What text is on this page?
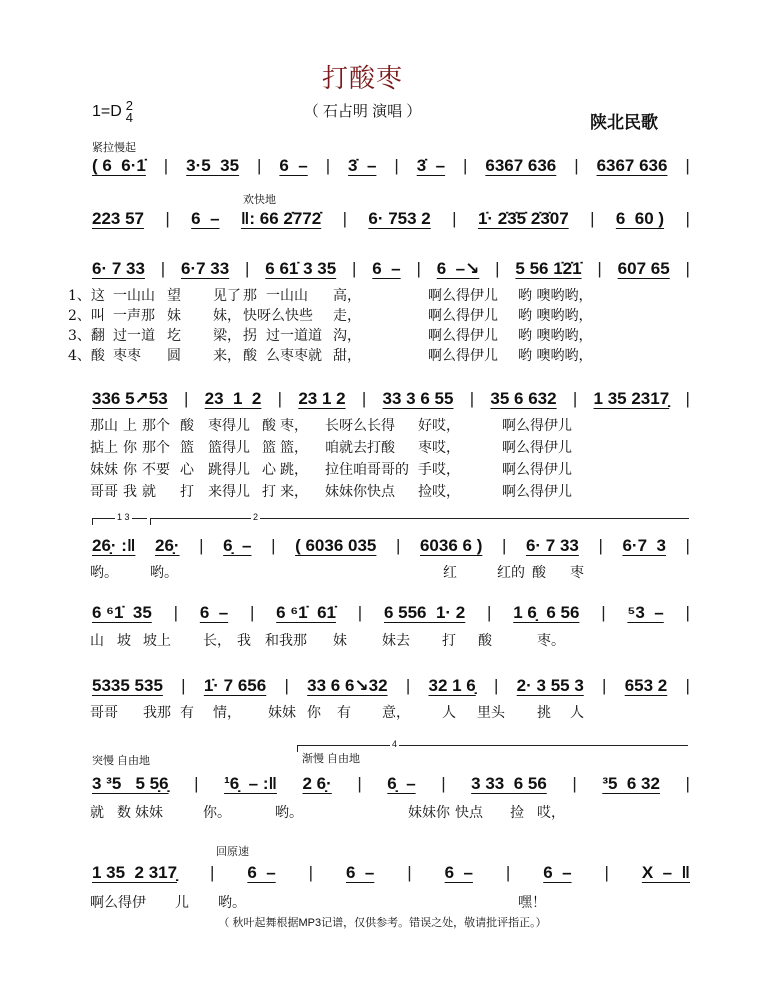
打酸枣
1=D 2
4	（ 石占明 演唱 ）
陕北民歌
紧拉慢起
欢快地
突慢 自由地	渐慢 自由地
回原速
1 3	2
4
( 6  6·1̇ | 3·5  35 | 6  – | 3̇  – | 3̇  – | 6367 636 | 6367 636 |
223 57 | 6  – ‖: 66 2̇772̇ | 6· 753 2 | 1̇· 2̇3̇5̇ 2̇3̇07 | 6  60 ) |
6· 7 33 | 6·7 33 | 6 61̇ 3 35 | 6  – | 6  –↘ | 5 56 1̇2̇1̇ | 607 65 |
336 5↗53 | 23  1  2 | 23 1 2 | 33 3 6 55 | 35 6 632 | 1 35 2317̣ |
26̣· :‖ 26̣· | 6̣  – | ( 6036 035 | 6036 6 ) | 6· 7 33 | 6·7  3 |
6 ⁶1̇  35 | 6  – | 6 ⁶1̇  61̇ | 6 556  1· 2 | 1 6̣  6 56 | ⁵3  – |
5335 535 | 1̇· 7 656 | 33 6 6↘32 | 32 1 6̣ | 2· 3 55 3 | 653 2 |
3 ³5   5 5̣6̣ | ¹6̣  – :‖ 2 6̣· | 6̣  – | 3 33  6 56 | ³5  6 32 |
1 35  2 317̣ | 6  – | 6  – | 6  – | 6  – | X  –  ‖
1、这 一山山 望 见了 那 一山山 高，	啊么得伊儿 哟 噢哟哟，
2、叫 一声那 妹 妹， 快呀么快些 走，	啊么得伊儿 哟 噢哟哟，
3、翻 过一道 圪 梁， 拐 过一道道 沟，	啊么得伊儿 哟 噢哟哟，
4、酸 枣枣 圆 来， 酸 么枣枣就 甜，	啊么得伊儿 哟 噢哟哟，
那山 上 那个 酸 枣得儿 酸 枣， 长呀么长得 好哎，	啊么得伊儿
掂上 你 那个 篮 篮得儿 篮 篮， 咱就去打酸 枣哎，	啊么得伊儿
妹妹 你 不要 心 跳得儿 心 跳， 拉住咱哥哥的 手哎，	啊么得伊儿
哥哥 我 就 打 来得儿 打 来， 妹妹你快点 捡哎，	啊么得伊儿
哟。 哟。	红	红的 酸 枣
山 坡 坡上 长， 我 和我那 妹	妹去 打 酸	枣。
哥哥 我那 有 情， 妹妹 你 有 意， 人 里头 挑 人
就 数 妹妹	你。	哟。	妹妹你 快点 捡 哎，
啊么得伊 儿 哟。	嘿！
（ 秋叶起舞根据MP3记谱，仅供参考。错误之处，敬请批评指正。）
